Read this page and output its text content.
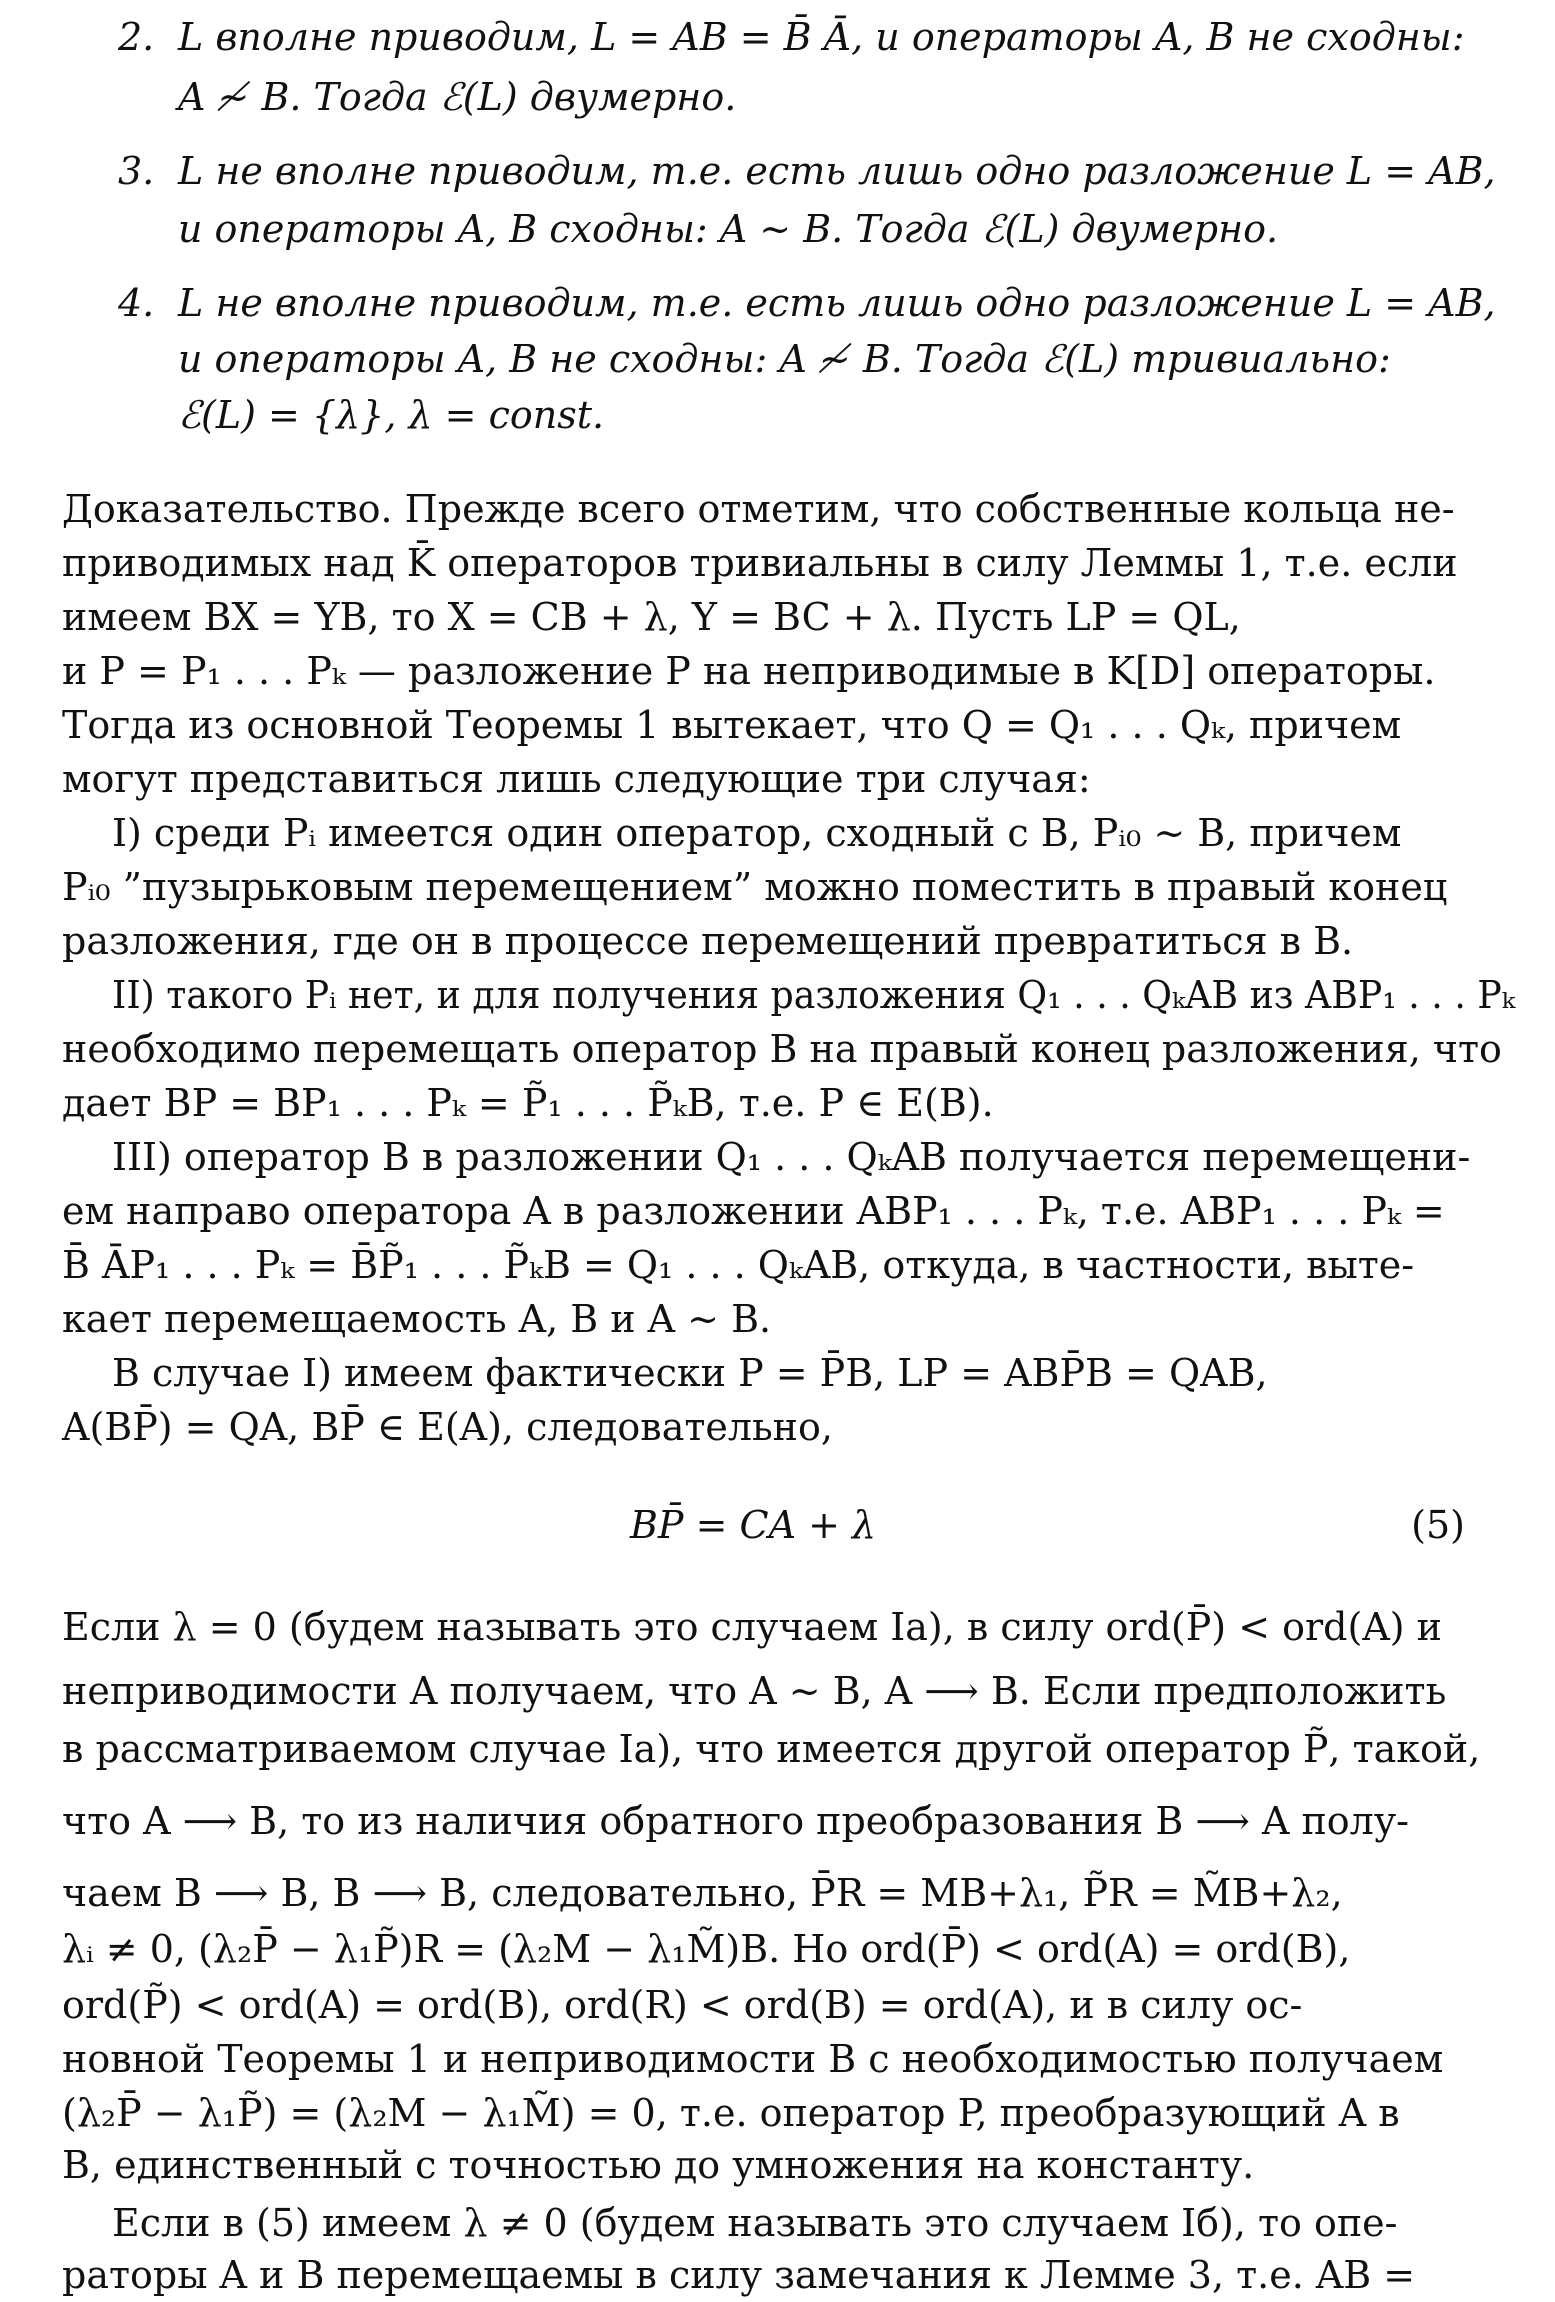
2. L вполне приводим, L = AB = B̄ Ā, и операторы A, B не сходны:
A ≁ B. Тогда ℰ(L) двумерно.
3. L не вполне приводим, т.е. есть лишь одно разложение L = AB,
и операторы A, B сходны: A ∼ B. Тогда ℰ(L) двумерно.
4. L не вполне приводим, т.е. есть лишь одно разложение L = AB,
и операторы A, B не сходны: A ≁ B. Тогда ℰ(L) тривиально:
ℰ(L) = {λ}, λ = const.
Доказательство. Прежде всего отметим, что собственные кольца не-
приводимых над K̄ операторов тривиальны в силу Леммы 1, т.е. если
имеем BX = YB, то X = CB + λ, Y = BC + λ. Пусть LP = QL,
и P = P₁ . . . Pₖ — разложение P на неприводимые в K[D] операторы.
Тогда из основной Теоремы 1 вытекает, что Q = Q₁ . . . Qₖ, причем
могут представиться лишь следующие три случая:
I) среди Pᵢ имеется один оператор, сходный с B, Pᵢ₀ ∼ B, причем
Pᵢ₀ ”пузырьковым перемещением” можно поместить в правый конец
разложения, где он в процессе перемещений превратиться в B.
II) такого Pᵢ нет, и для получения разложения Q₁ . . . QₖAB из ABP₁ . . . Pₖ
необходимо перемещать оператор B на правый конец разложения, что
дает BP = BP₁ . . . Pₖ = P̃₁ . . . P̃ₖB, т.е. P ∈ E(B).
III) оператор B в разложении Q₁ . . . QₖAB получается перемещени-
ем направо оператора A в разложении ABP₁ . . . Pₖ, т.е. ABP₁ . . . Pₖ =
B̄ ĀP₁ . . . Pₖ = B̄P̃₁ . . . P̃ₖB = Q₁ . . . QₖAB, откуда, в частности, выте-
кает перемещаемость A, B и A ∼ B.
В случае I) имеем фактически P = P̄B, LP = ABP̄B = QAB,
A(BP̄) = QA, BP̄ ∈ E(A), следовательно,
BP̄ = CA + λ	(5)
Если λ = 0 (будем называть это случаем Ia), в силу ord(P̄) < ord(A) и
неприводимости A получаем, что A ∼ B, A ⟶ B. Если предположить
в рассматриваемом случае Ia), что имеется другой оператор P̃, такой,
что A ⟶ B, то из наличия обратного преобразования B ⟶ A полу-
чаем B ⟶ B, B ⟶ B, следовательно, P̄R = MB+λ₁, P̃R = M̃B+λ₂,
λᵢ ≠ 0, (λ₂P̄ − λ₁P̃)R = (λ₂M − λ₁M̃)B. Но ord(P̄) < ord(A) = ord(B),
ord(P̃) < ord(A) = ord(B), ord(R) < ord(B) = ord(A), и в силу ос-
новной Теоремы 1 и неприводимости B с необходимостью получаем
(λ₂P̄ − λ₁P̃) = (λ₂M − λ₁M̃) = 0, т.е. оператор P, преобразующий A в
B, единственный с точностью до умножения на константу.
Если в (5) имеем λ ≠ 0 (будем называть это случаем Iб), то опе-
раторы A и B перемещаемы в силу замечания к Лемме 3, т.е. AB =
